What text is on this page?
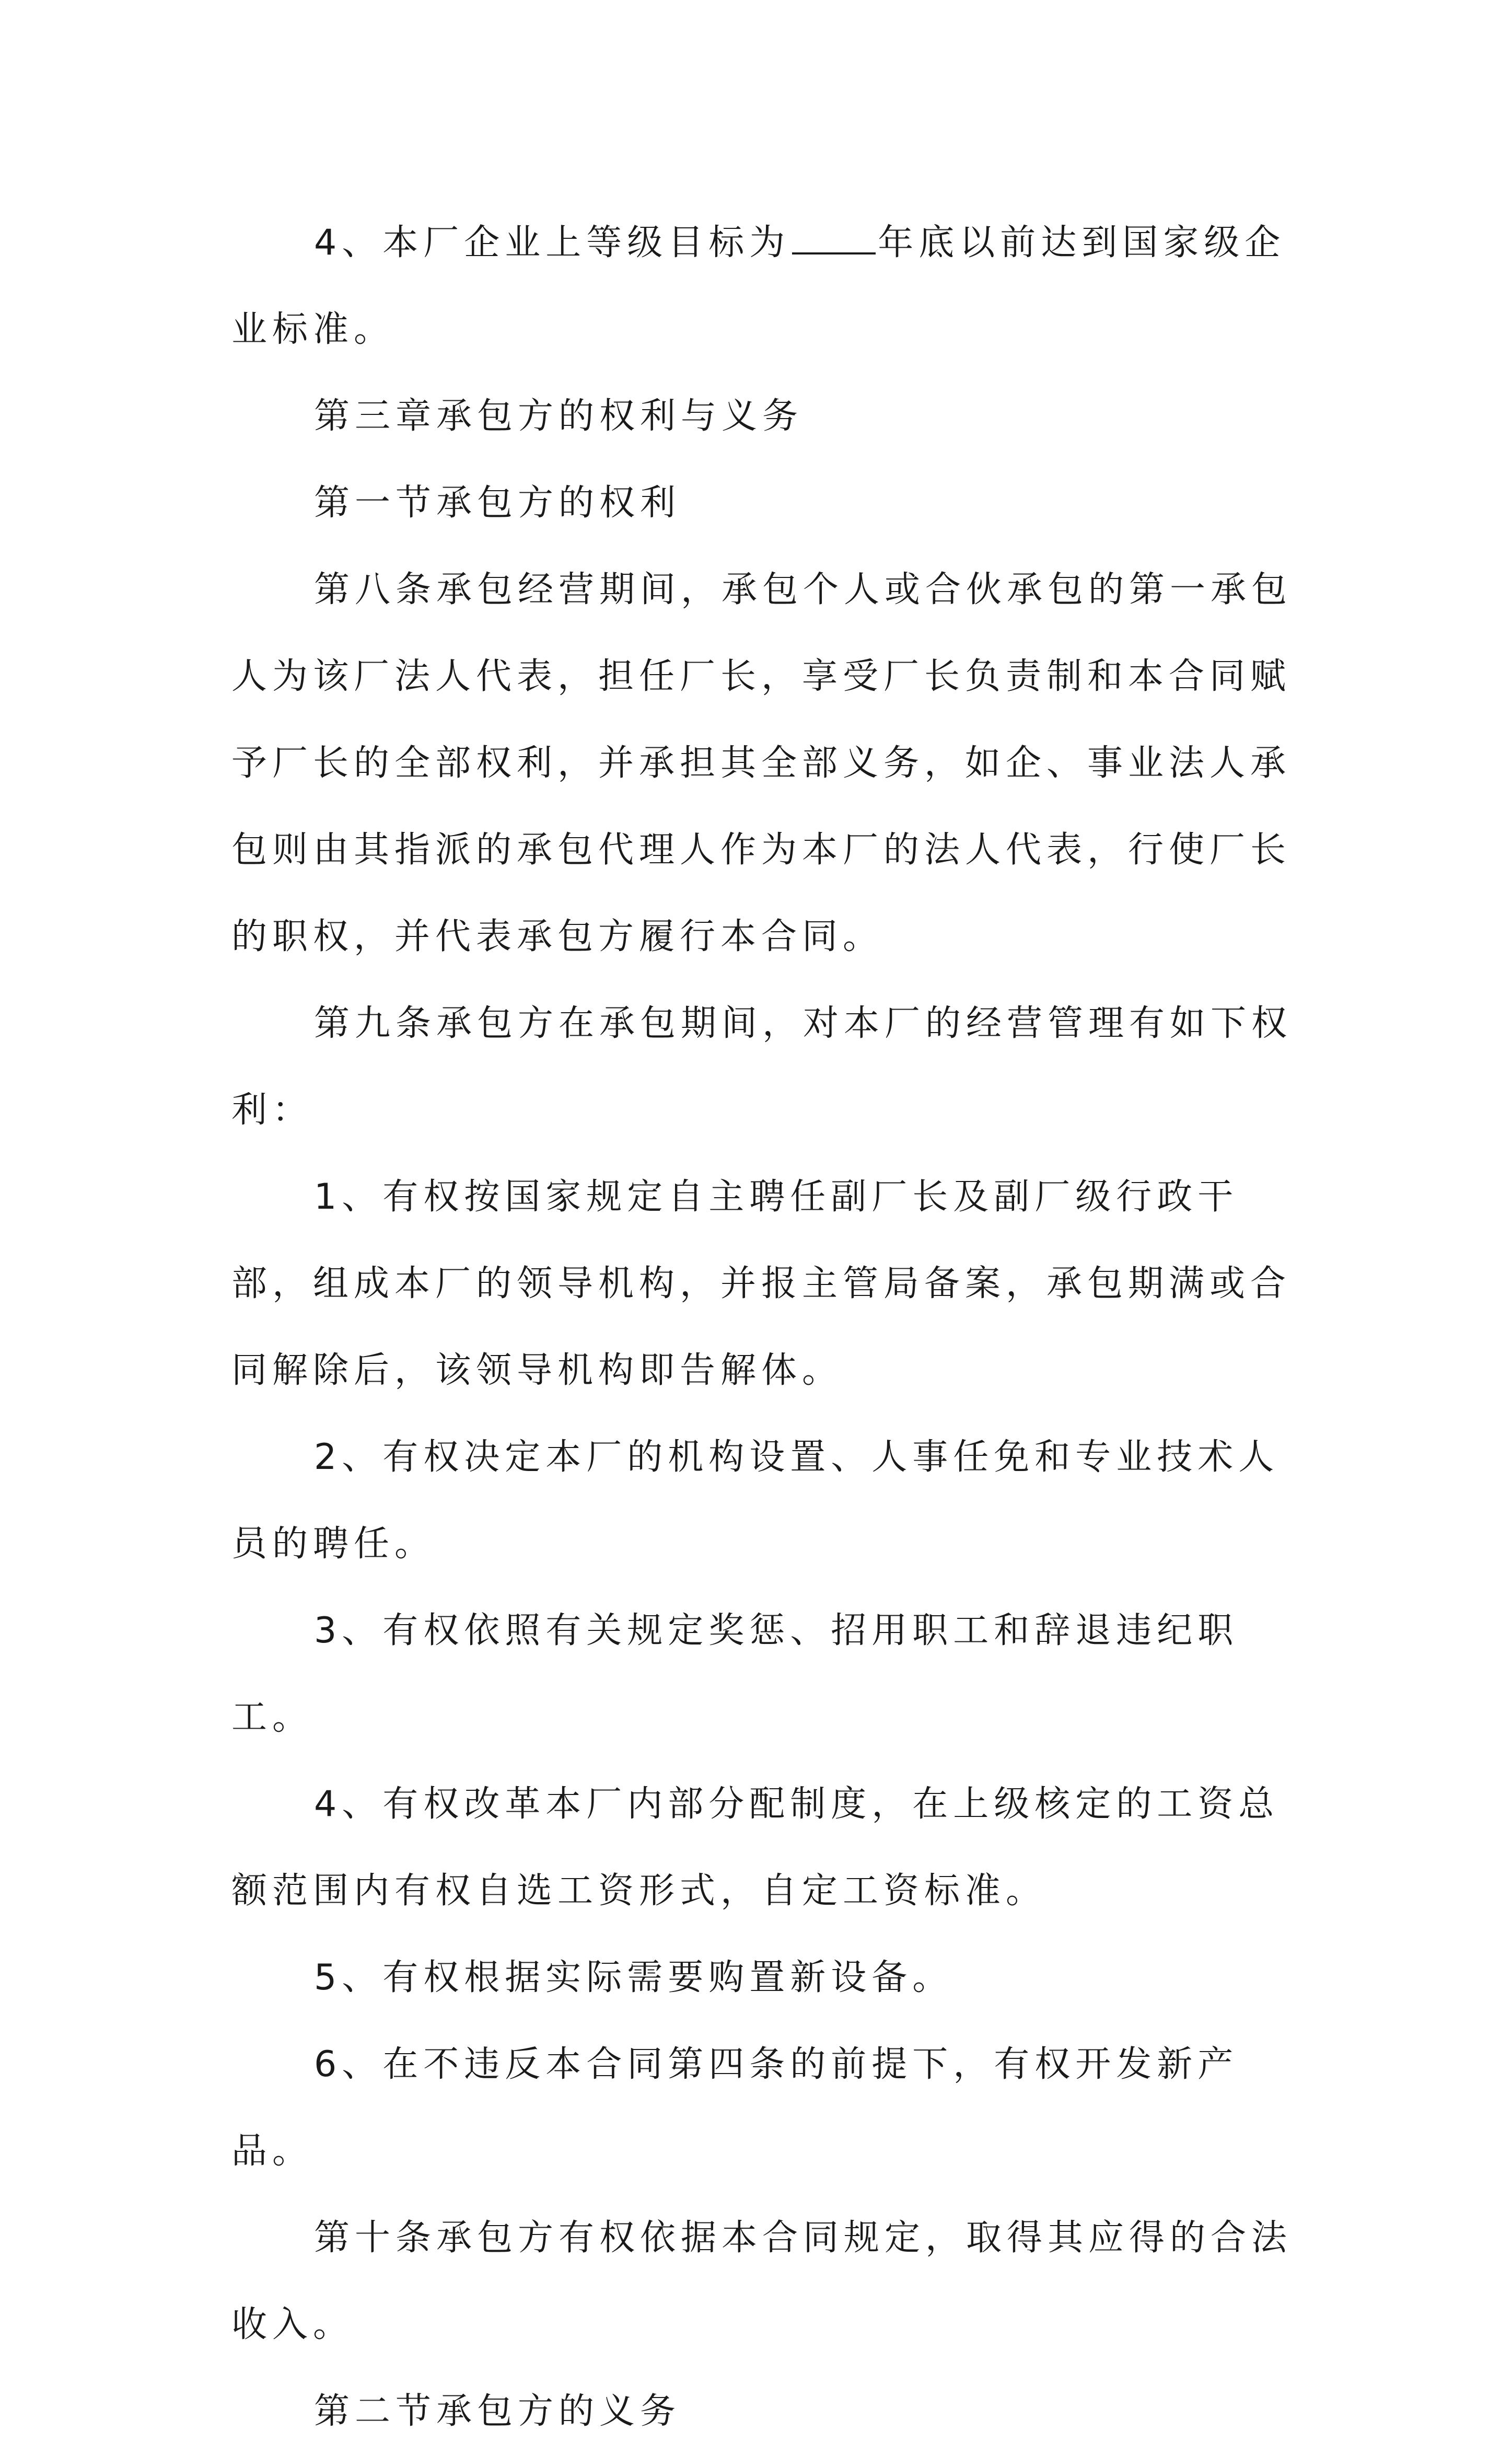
4、本厂企业上等级目标为 年底以前达到国家级企业标准。

第三章承包方的权利与义务

第一节承包方的权利

第八条承包经营期间，承包个人或合伙承包的第一承包人为该厂法人代表，担任厂长，享受厂长负责制和本合同赋予厂长的全部权利，并承担其全部义务，如企、事业法人承包则由其指派的承包代理人作为本厂的法人代表，行使厂长的职权，并代表承包方履行本合同。

第九条承包方在承包期间，对本厂的经营管理有如下权利：

1、有权按国家规定自主聘任副厂长及副厂级行政干部，组成本厂的领导机构，并报主管局备案，承包期满或合同解除后，该领导机构即告解体。

2、有权决定本厂的机构设置、人事任免和专业技术人员的聘任。

3、有权依照有关规定奖惩、招用职工和辞退违纪职工。

4、有权改革本厂内部分配制度，在上级核定的工资总额范围内有权自选工资形式，自定工资标准。

5、有权根据实际需要购置新设备。

6、在不违反本合同第四条的前提下，有权开发新产品。

第十条承包方有权依据本合同规定，取得其应得的合法收入。

第二节承包方的义务
